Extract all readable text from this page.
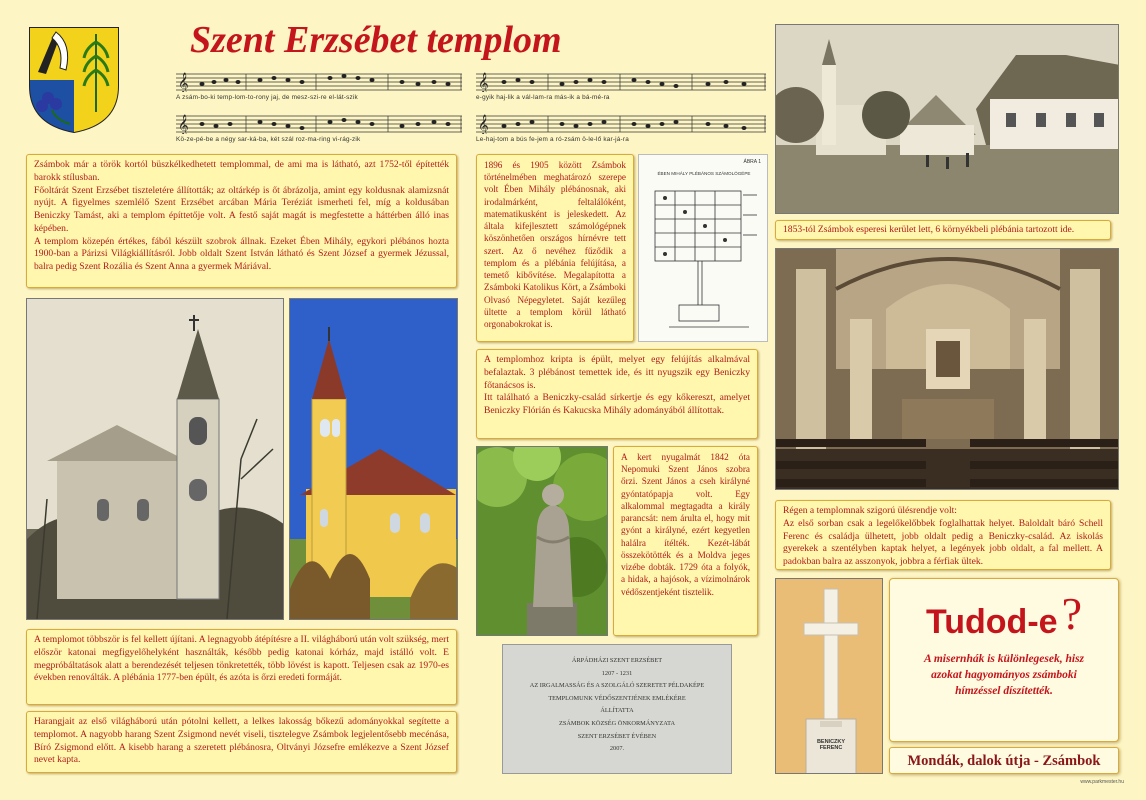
Szent Erzsébet templom
𝄞
A zsám-bo-ki temp-lom-to-rony jaj, de mesz-szi-re el-lát-szik
𝄞
e-gyik haj-lik a vál-lam-ra más-ik a bá-mé-ra
𝄞
Kö-ze-pé-be a négy sar-ká-ba, két szál roz-ma-ring vi-rág-zik
𝄞
Le-haj-tom a bús fe-jem a ró-zsám ö-le-lő kar-já-ra

Zsámbok már a török kortól büszkélkedhetett templommal, de ami ma is látható, azt 1752-től építették barokk stílusban.

Főoltárát Szent Erzsébet tiszteletére állították; az oltárkép is őt ábrázolja, amint egy koldusnak alamizsnát nyújt. A figyelmes szemlélő Szent Erzsébet arcában Mária Teréziát ismerheti fel, míg a koldusában Beniczky Tamást, aki a templom építtetője volt. A festő saját magát is megfestette a háttérben álló inas képében.

A templom közepén értékes, fából készült szobrok állnak. Ezeket Ében Mihály, egykori plébános hozta 1900-ban a Párizsi Világkiállításról. Jobb oldalt Szent István látható és Szent József a gyermek Jézussal, balra pedig Szent Rozália és Szent Anna a gyermek Máriával.

A templomot többször is fel kellett újítani. A legnagyobb átépítésre a II. világháború után volt szükség, mert először katonai megfigyelőhelyként használták, később pedig katonai kórház, majd istálló volt. E megpróbáltatások alatt a berendezését teljesen tönkretették, több lövést is kapott. Teljesen csak az 1970-es években renoválták. A plébánia 1777-ben épült, és azóta is őrzi eredeti formáját.

Harangjait az első világháború után pótolni kellett, a lelkes lakosság bőkezű adományokkal segítette a templomot. A nagyobb harang Szent Zsigmond nevét viseli, tisztelegve Zsámbok legjelentősebb mecénása, Bíró Zsigmond előtt. A kisebb harang a szeretett plébánosra, Oltványi Józsefre emlékezve a Szent József nevet kapta.

1896 és 1905 között Zsámbok történelmében meghatározó szerepe volt Ében Mihály plébánosnak, aki irodalmárként, feltalálóként, matematikusként is jeleskedett. Az általa kifejlesztett számológépnek köszönhetően országos hírnévre tett szert. Az ő nevéhez fűződik a templom és a plébánia felújítása, a temető kibővítése. Megalapította a Zsámboki Katolikus Kört, a Zsámboki Olvasó Népegyletet. Saját kezűleg ültette a templom körül látható orgonabokrokat is.

ÁBRA 1
ÉBEN MIHÁLY PLÉBÁNOS SZÁMOLÓGÉPE

A templomhoz kripta is épült, melyet egy felújítás alkalmával befalaztak. 3 plébánost temettek ide, és itt nyugszik egy Beniczky főtanácsos is.

Itt található a Beniczky-család sírkertje és egy kőkereszt, amelyet Beniczky Flórián és Kakucska Mihály adományából állítottak.

A kert nyugalmát 1842 óta Nepomuki Szent János szobra őrzi. Szent János a cseh királyné gyóntatópapja volt. Egy alkalommal megtagadta a király parancsát: nem árulta el, hogy mit gyónt a királyné, ezért kegyetlen halálra ítélték. Kezét-lábát összekötötték és a Moldva jeges vizébe dobták. 1729 óta a folyók, a hidak, a hajósok, a vízimolnárok védőszentjeként tisztelik.

ÁRPÁDHÁZI SZENT ERZSÉBET
1207 - 1231
AZ IRGALMASSÁG ÉS A SZOLGÁLÓ SZERETET PÉLDAKÉPE
TEMPLOMUNK VÉDŐSZENTJÉNEK EMLÉKÉRE
ÁLLÍTATTA
ZSÁMBOK KÖZSÉG ÖNKORMÁNYZATA
SZENT ERZSÉBET ÉVÉBEN
2007.

1853-tól Zsámbok esperesi kerület lett, 6 környékbeli plébánia tartozott ide.

Régen a templomnak szigorú ülésrendje volt:

Az első sorban csak a legelőkelőbbek foglalhattak helyet. Baloldalt báró Schell Ferenc és családja ülhetett, jobb oldalt pedig a Beniczky-család. Az iskolás gyerekek a szentélyben kaptak helyet, a legények jobb oldalt, a fal mellett. A padokban balra az asszonyok, jobbra a férfiak ültek.

BENICZKY FERENC
Tudod-e?
A misernhák is különlegesek, hisz azokat hagyományos zsámboki hímzéssel díszítették.
Mondák, dalok útja - Zsámbok
www.parkmester.hu
